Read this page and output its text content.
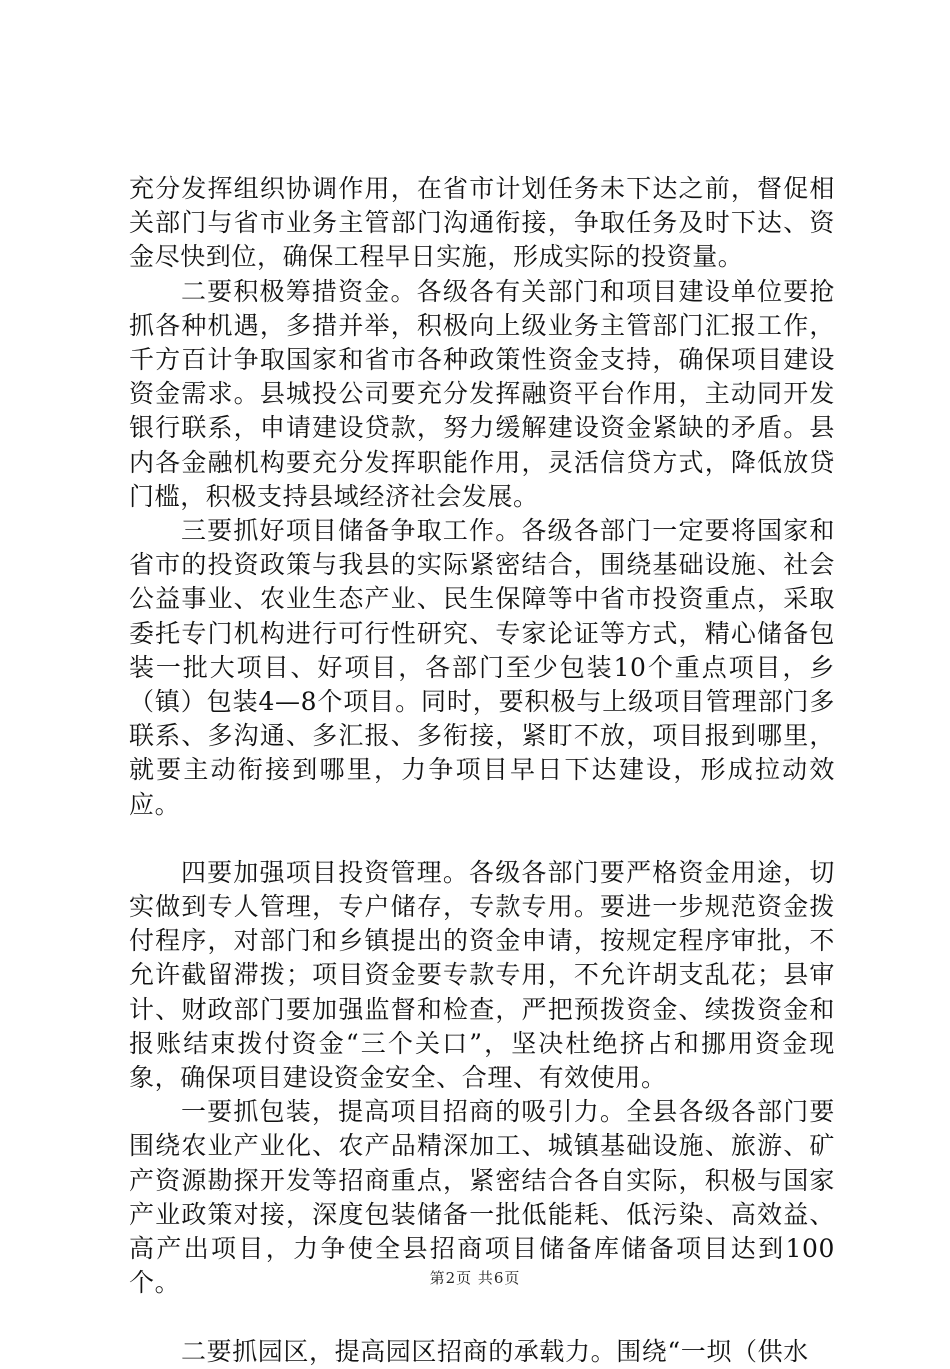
充分发挥组织协调作用，在省市计划任务未下达之前，督促相关部门与省市业务主管部门沟通衔接，争取任务及时下达、资金尽快到位，确保工程早日实施，形成实际的投资量。

二要积极筹措资金。各级各有关部门和项目建设单位要抢抓各种机遇，多措并举，积极向上级业务主管部门汇报工作，千方百计争取国家和省市各种政策性资金支持，确保项目建设资金需求。县城投公司要充分发挥融资平台作用，主动同开发银行联系，申请建设贷款，努力缓解建设资金紧缺的矛盾。县内各金融机构要充分发挥职能作用，灵活信贷方式，降低放贷门槛，积极支持县域经济社会发展。

三要抓好项目储备争取工作。各级各部门一定要将国家和省市的投资政策与我县的实际紧密结合，围绕基础设施、社会公益事业、农业生态产业、民生保障等中省市投资重点，采取委托专门机构进行可行性研究、专家论证等方式，精心储备包装一批大项目、好项目，各部门至少包装10个重点项目，乡（镇）包装4—8个项目。同时，要积极与上级项目管理部门多联系、多沟通、多汇报、多衔接，紧盯不放，项目报到哪里，就要主动衔接到哪里，力争项目早日下达建设，形成拉动效应。

四要加强项目投资管理。各级各部门要严格资金用途，切实做到专人管理，专户储存，专款专用。要进一步规范资金拨付程序，对部门和乡镇提出的资金申请，按规定程序审批，不允许截留滞拨；项目资金要专款专用，不允许胡支乱花；县审计、财政部门要加强监督和检查，严把预拨资金、续拨资金和报账结束拨付资金“三个关口”，坚决杜绝挤占和挪用资金现象，确保项目建设资金安全、合理、有效使用。

一要抓包装，提高项目招商的吸引力。全县各级各部门要围绕农业产业化、农产品精深加工、城镇基础设施、旅游、矿产资源勘探开发等招商重点，紧密结合各自实际，积极与国家产业政策对接，深度包装储备一批低能耗、低污染、高效益、高产出项目，力争使全县招商项目储备库储备项目达到100个。

二要抓园区，提高园区招商的承载力。围绕“一坝（供水

第2页 共6页
